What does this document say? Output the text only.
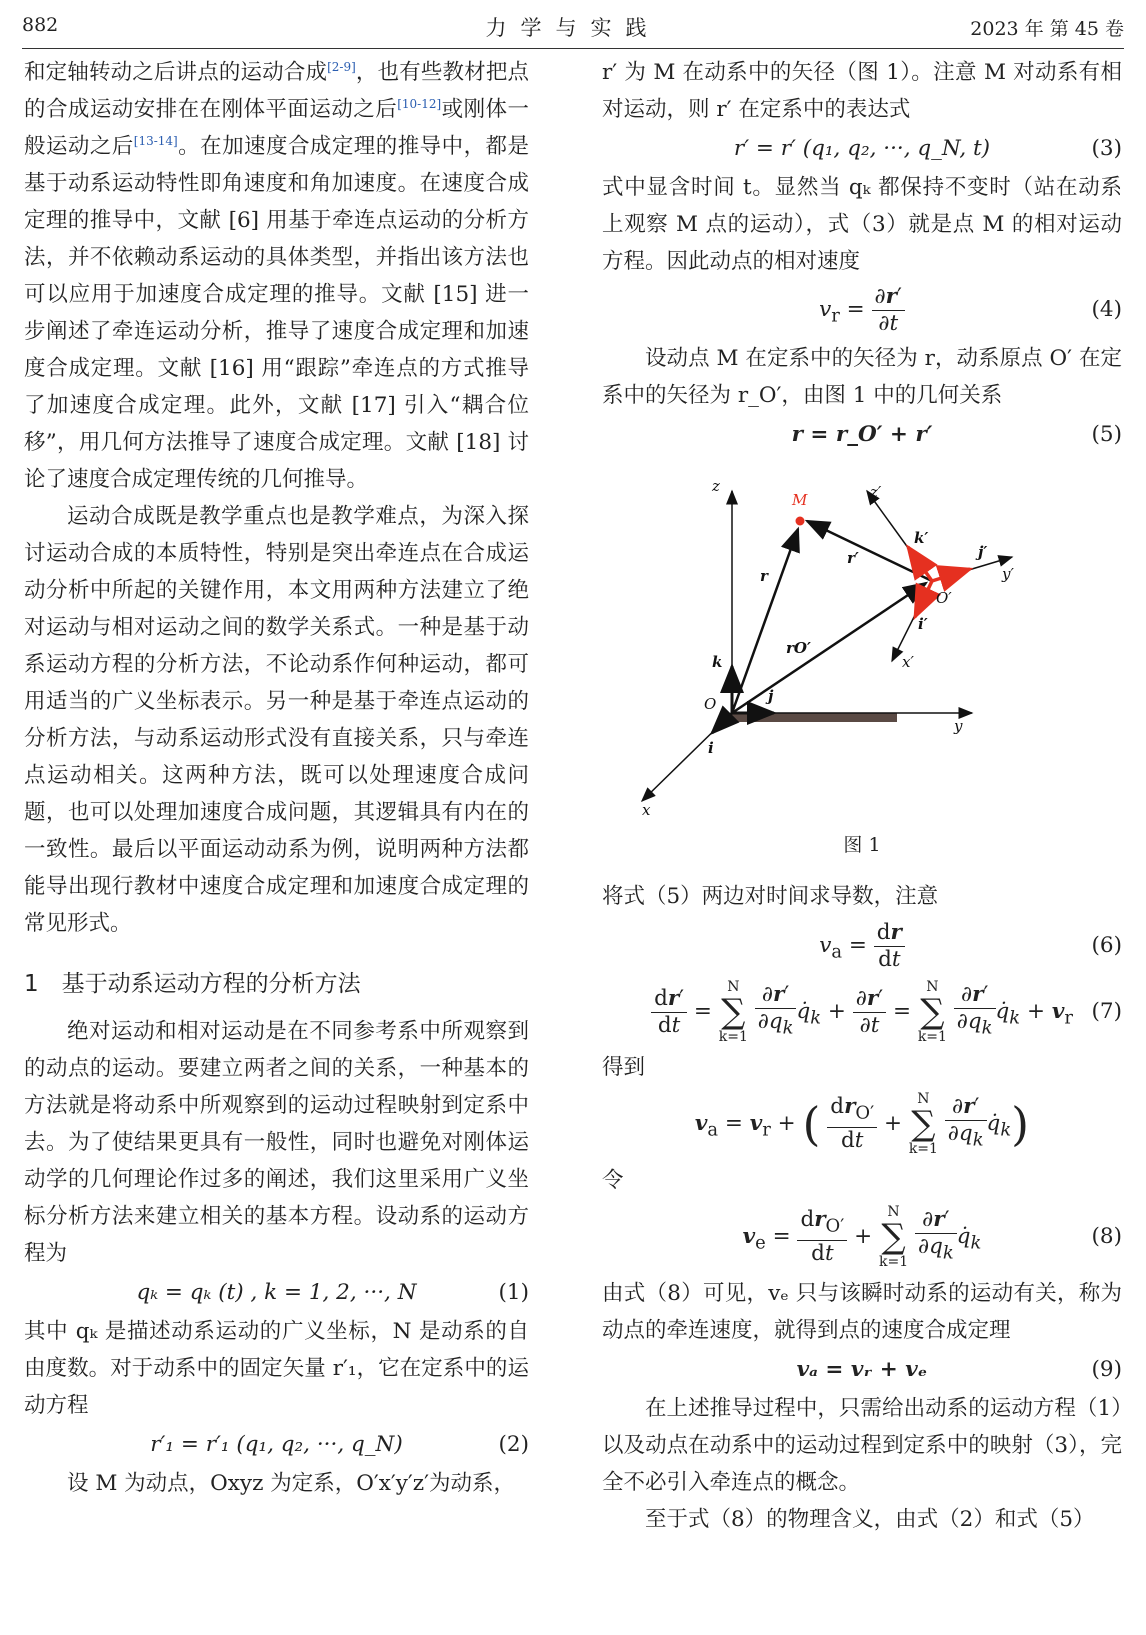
882	力学与实践	2023 年 第 45 卷

和定轴转动之后讲点的运动合成[2-9]，也有些教材把点的合成运动安排在在刚体平面运动之后[10-12]或刚体一般运动之后[13-14]。在加速度合成定理的推导中，都是基于动系运动特性即角速度和角加速度。在速度合成定理的推导中，文献 [6] 用基于牵连点运动的分析方法，并不依赖动系运动的具体类型，并指出该方法也可以应用于加速度合成定理的推导。文献 [15] 进一步阐述了牵连运动分析，推导了速度合成定理和加速度合成定理。文献 [16] 用“跟踪”牵连点的方式推导了加速度合成定理。此外，文献 [17] 引入“耦合位移”，用几何方法推导了速度合成定理。文献 [18] 讨论了速度合成定理传统的几何推导。

运动合成既是教学重点也是教学难点，为深入探讨运动合成的本质特性，特别是突出牵连点在合成运动分析中所起的关键作用，本文用两种方法建立了绝对运动与相对运动之间的数学关系式。一种是基于动系运动方程的分析方法，不论动系作何种运动，都可用适当的广义坐标表示。另一种是基于牵连点运动的分析方法，与动系运动形式没有直接关系，只与牵连点运动相关。这两种方法，既可以处理速度合成问题，也可以处理加速度合成问题，其逻辑具有内在的一致性。最后以平面运动动系为例，说明两种方法都能导出现行教材中速度合成定理和加速度合成定理的常见形式。

1　基于动系运动方程的分析方法

绝对运动和相对运动是在不同参考系中所观察到的动点的运动。要建立两者之间的关系，一种基本的方法就是将动系中所观察到的运动过程映射到定系中去。为了使结果更具有一般性，同时也避免对刚体运动学的几何理论作过多的阐述，我们这里采用广义坐标分析方法来建立相关的基本方程。设动系的运动方程为

qₖ = qₖ (t) , k = 1, 2, ···, N	(1)

其中 qₖ 是描述动系运动的广义坐标，N 是动系的自由度数。对于动系中的固定矢量 r′₁，它在定系中的运动方程

r′₁ = r′₁ (q₁, q₂, ···, q_N)	(2)

设 M 为动点，Oxyz 为定系，O′x′y′z′为动系，

r′ 为 M 在动系中的矢径（图 1）。注意 M 对动系有相对运动，则 r′ 在定系中的表达式

r′ = r′ (q₁, q₂, ···, q_N, t)	(3)

式中显含时间 t。显然当 qₖ 都保持不变时（站在动系上观察 M 点的运动），式（3）就是点 M 的相对运动方程。因此动点的相对速度

$v_r = \frac{\partial r'}{\partial t}$	(4)

设动点 M 在定系中的矢径为 r，动系原点 O′ 在定系中的矢径为 r_O′，由图 1 中的几何关系

r = r_O′ + r′	(5)
z
y
x
O
M
k
j
i
r
rO′
r′
z′
y′
x′
k′
j′
i′
O′
图 1

将式（5）两边对时间求导数，注意

$v_a = \frac{dr}{dt}$	(6)
$\frac{dr'}{dt} = N$
∑
$k=1 \frac{\partial r'}{\partial q_k}$ $q̇_k + \frac{\partial r'}{\partial t} = N$
∑
$k=1 \frac{\partial r'}{\partial q_k}$ $q̇_k + v_r$ (7)

得到

$v_a = v_r$ + ( $\frac{dr_{O'}}{dt} + N$
∑
$k=1 \frac{\partial r'}{\partial q_k}$ $q̇_k$)

令

$v_e = \frac{dr_{O'}}{dt} + N$
∑
$k=1 \frac{\partial r'}{\partial q_k}$ $q̇_k$	(8)

由式（8）可见，vₑ 只与该瞬时动系的运动有关，称为动点的牵连速度，就得到点的速度合成定理

vₐ = vᵣ + vₑ	(9)

在上述推导过程中，只需给出动系的运动方程（1）以及动点在动系中的运动过程到定系中的映射（3），完全不必引入牵连点的概念。

至于式（8）的物理含义，由式（2）和式（5）
